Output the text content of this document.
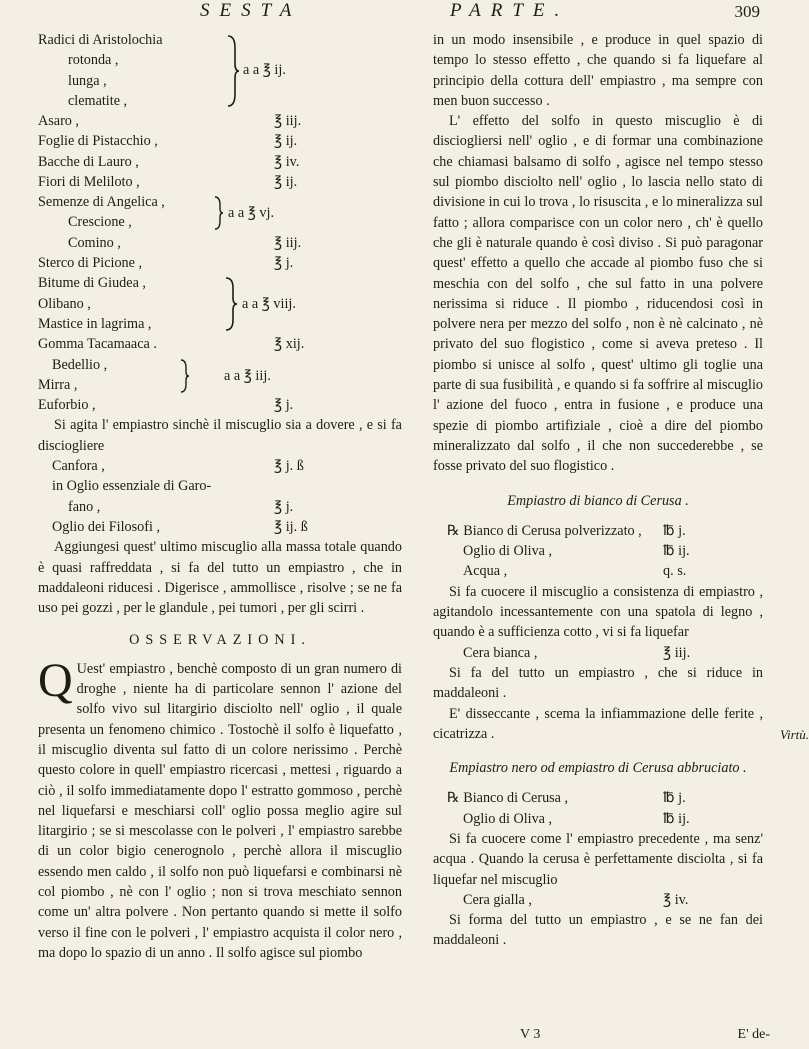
SESTA	PARTE.	309
Radici di Aristolochia
rotonda ,
lunga ,
clematite ,
a a ℥ ij.
Asaro ,	℥ iij.
Foglie di Pistacchio ,	℥ ij.
Bacche di Lauro ,	℥ iv.
Fiori di Meliloto ,	℥ ij.
Semenze di Angelica ,
Crescione ,
a a ℥ vj.
Comino ,	℥ iij.
Sterco di Picione ,	℥ j.
Bitume di Giudea ,
Olibano ,
Mastice in lagrima ,
a a ℥ viij.
Gomma Tacamaaca .	℥ xij.
Bedellio ,
Mirra ,
a a ℥ iij.
Euforbio ,	℥ j.

Si agita l' empiastro sinchè il miscuglio sia a dovere , e si fa disciogliere

Canfora ,	℥ j. ß
in Oglio essenziale di Garo-
fano ,	℥ j.
Oglio dei Filosofi ,	℥ ij. ß

Aggiungesi quest' ultimo miscuglio alla massa totale quando è quasi raffreddata , si fa del tutto un empiastro , che in maddaleoni riducesi . Digerisce , ammollisce , risolve ; se ne fa uso pei gozzi , per le glandule , pei tumori , per gli scirri .

OSSERVAZIONI.

Q Uest' empiastro , benchè composto di un gran numero di droghe , niente ha di particolare sennon l' azione del solfo vivo sul litargirio disciolto nell' oglio , il quale presenta un fenomeno chimico . Tostochè il solfo è liquefatto , il miscuglio diventa sul fatto di un colore nerissimo . Perchè questo colore in quell' empiastro ricercasi , mettesi , riguardo a ciò , il solfo immediatamente dopo l' estratto gommoso , perchè nel liquefarsi e meschiarsi coll' oglio possa meglio agire sul litargirio ; se si mescolasse con le polveri , l' empiastro sarebbe di un color bigio cenerognolo , perchè allora il miscuglio essendo men caldo , il solfo non può liquefarsi e combinarsi nè col piombo , nè con l' oglio ; non si trova meschiato sennon come un' altra polvere . Non pertanto quando si mette il solfo verso il fine con le polveri , l' empiastro acquista il color nero , ma dopo lo spazio di un anno . Il solfo agisce sul piombo

in un modo insensibile , e produce in quel spazio di tempo lo stesso effetto , che quando si fa liquefare al principio della cottura dell' empiastro , ma sempre con men buon successo .

L' effetto del solfo in questo miscuglio è di disciogliersi nell' oglio , e di formar una combinazione che chiamasi balsamo di solfo , agisce nel tempo stesso sul piombo disciolto nell' oglio , lo lascia nello stato di divisione in cui lo trova , lo risuscita , e lo mineralizza sul fatto ; allora comparisce con un color nero , ch' è quello che gli è naturale quando è così diviso . Si può paragonar quest' effetto a quello che accade al piombo fuso che si meschia con del solfo , che sul fatto in una polvere nerissima si riduce . Il piombo , riducendosi così in polvere nera per mezzo del solfo , non è nè calcinato , nè privato del suo flogistico , come si aveva preteso . Il piombo si unisce al solfo , quest' ultimo gli toglie una parte di sua fusibilità , e quando si fa soffrire al miscuglio l' azione del fuoco , entra in fusione , e produce una spezie di piombo artifiziale , cioè a dire del piombo mineralizzato dal solfo , il che non succederebbe , se fosse privato del suo flogistico .

Empiastro di bianco di Cerusa .
℞ Bianco di Cerusa polverizzato , ℔ j.
Oglio di Oliva ,	℔ ij.
Acqua ,	q. s.

Si fa cuocere il miscuglio a consistenza di empiastro , agitandolo incessantemente con una spatola di legno , quando è a sufficienza cotto , vi si fa liquefar

Cera bianca ,	℥ iij.

Si fa del tutto un empiastro , che si riduce in maddaleoni .

E' disseccante , scema la infiammazione delle ferite , cicatrizza .

Empiastro nero od empiastro di Cerusa abbruciato .
℞ Bianco di Cerusa ,	℔ j.
Oglio di Oliva ,	℔ ij.

Si fa cuocere come l' empiastro precedente , ma senz' acqua . Quando la cerusa è perfettamente disciolta , si fa liquefar nel miscuglio

Cera gialla ,	℥ iv.

Si forma del tutto un empiastro , e se ne fan dei maddaleoni .

Virtù.
V 3	E' de-
